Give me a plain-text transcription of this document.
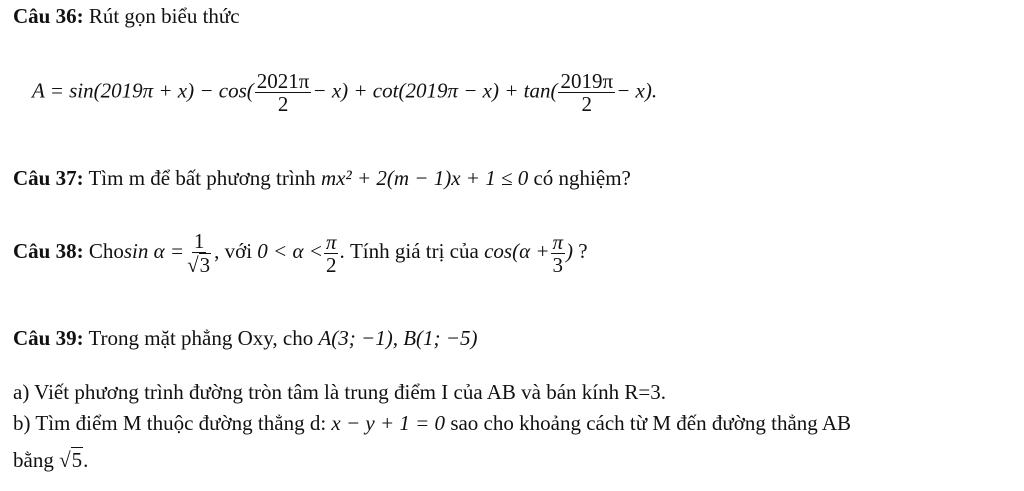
Câu 36: Rút gọn biểu thức
$A = \sin(2019\pi + x) - \cos( \frac{2021\pi}{2} - x) + \cot(2019\pi - x) + \tan( \frac{2019\pi}{2} - x)$.
Câu 37: Tìm m để bất phương trình mx² + 2(m − 1)x + 1 ≤ 0 có nghiệm?
Câu 38: Chosin $\alpha = \frac{1}{√ 3}$ , với $0 < \alpha < \frac{\pi}{2}$ . Tính giá trị của $\cos(\alpha + \frac{\pi}{3}$ ) ?
Câu 39: Trong mặt phẳng Oxy, cho A(3; −1), B(1; −5)
a) Viết phương trình đường tròn tâm là trung điểm I của AB và bán kính R=3.
b) Tìm điểm M thuộc đường thẳng d: x − y + 1 = 0 sao cho khoảng cách từ M đến đường thẳng AB
bằng √ 5 .
